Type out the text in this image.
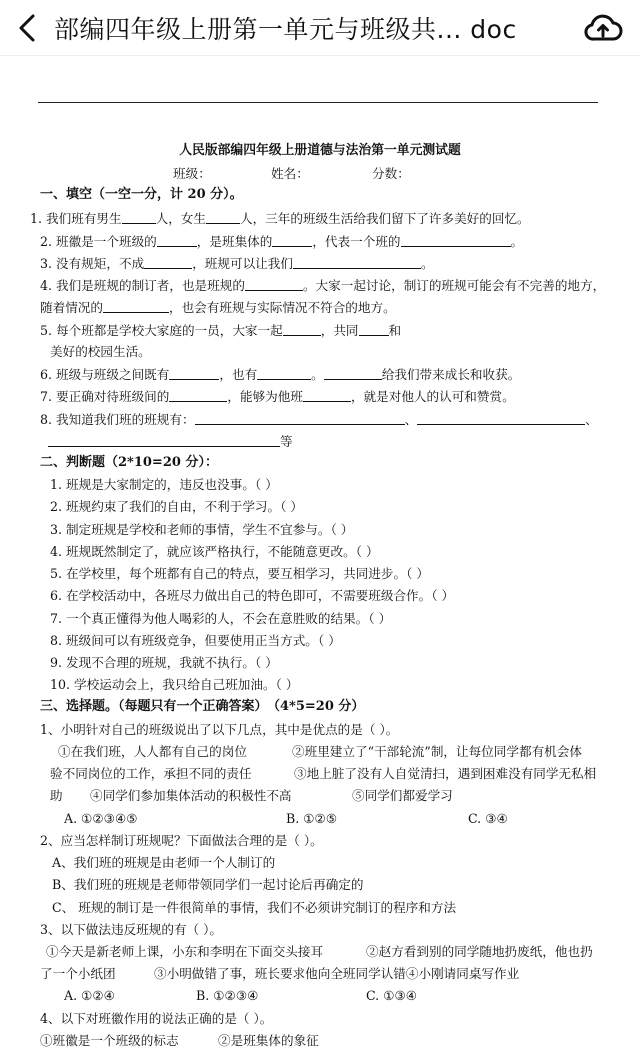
部编四年级上册第一单元与班级共... doc
人民版部编四年级上册道德与法治第一单元测试题
班级：	姓名：	分数：
一、填空（一空一分，计 20 分）。
1. 我们班有男生	人，女生	人，三年的班级生活给我们留下了许多美好的回忆。
2. 班徽是一个班级的	，是班集体的	，代表一个班的	。
3. 没有规矩，不成	，班规可以让我们	。
4. 我们是班规的制订者，也是班规的	。大家一起讨论，制订的班规可能会有不完善的地方，
随着情况的	，也会有班规与实际情况不符合的地方。
5. 每个班都是学校大家庭的一员，大家一起	，共同 和
美好的校园生活。
6. 班级与班级之间既有	，也有	。	给我们带来成长和收获。
7. 要正确对待班级间的	，能够为他班	，就是对他人的认可和赞赏。
8. 我知道我们班的班规有：	、	、
等
二、判断题（2*10=20 分）：
1. 班规是大家制定的，违反也没事。（ ）
2. 班规约束了我们的自由，不利于学习。（ ）
3. 制定班规是学校和老师的事情，学生不宜参与。（ ）
4. 班规既然制定了，就应该严格执行，不能随意更改。（ ）
5. 在学校里，每个班都有自己的特点，要互相学习，共同进步。（ ）
6. 在学校活动中，各班尽力做出自己的特色即可，不需要班级合作。（ ）
7. 一个真正懂得为他人喝彩的人，不会在意胜败的结果。（ ）
8. 班级间可以有班级竞争，但要使用正当方式。（ ）
9. 发现不合理的班规，我就不执行。（ ）
10. 学校运动会上，我只给自己班加油。（ ）
三、选择题。（每题只有一个正确答案） （4*5=20 分）
1、小明针对自己的班级说出了以下几点，其中是优点的是（ ）。
①在我们班，人人都有自己的岗位	②班里建立了“干部轮流”制，让每位同学都有机会体
验不同岗位的工作，承担不同的责任	③地上脏了没有人自觉清扫，遇到困难没有同学无私相
助 ④同学们参加集体活动的积极性不高	⑤同学们都爱学习
A. ①②③④⑤	B. ①②⑤	C. ③④
2、应当怎样制订班规呢？下面做法合理的是（ ）。
A、我们班的班规是由老师一个人制订的
B、我们班的班规是老师带领同学们一起讨论后再确定的
C、 班规的制订是一件很简单的事情，我们不必须讲究制订的程序和方法
3、以下做法违反班规的有（ ）。
①今天是新老师上课，小东和李明在下面交头接耳	②赵方看到别的同学随地扔废纸，他也扔
了一个小纸团	③小明做错了事，班长要求他向全班同学认错④小刚请同桌写作业
A. ①②④	B. ①②③④	C. ①③④
4、以下对班徽作用的说法正确的是（ ）。
①班徽是一个班级的标志	②是班集体的象征
